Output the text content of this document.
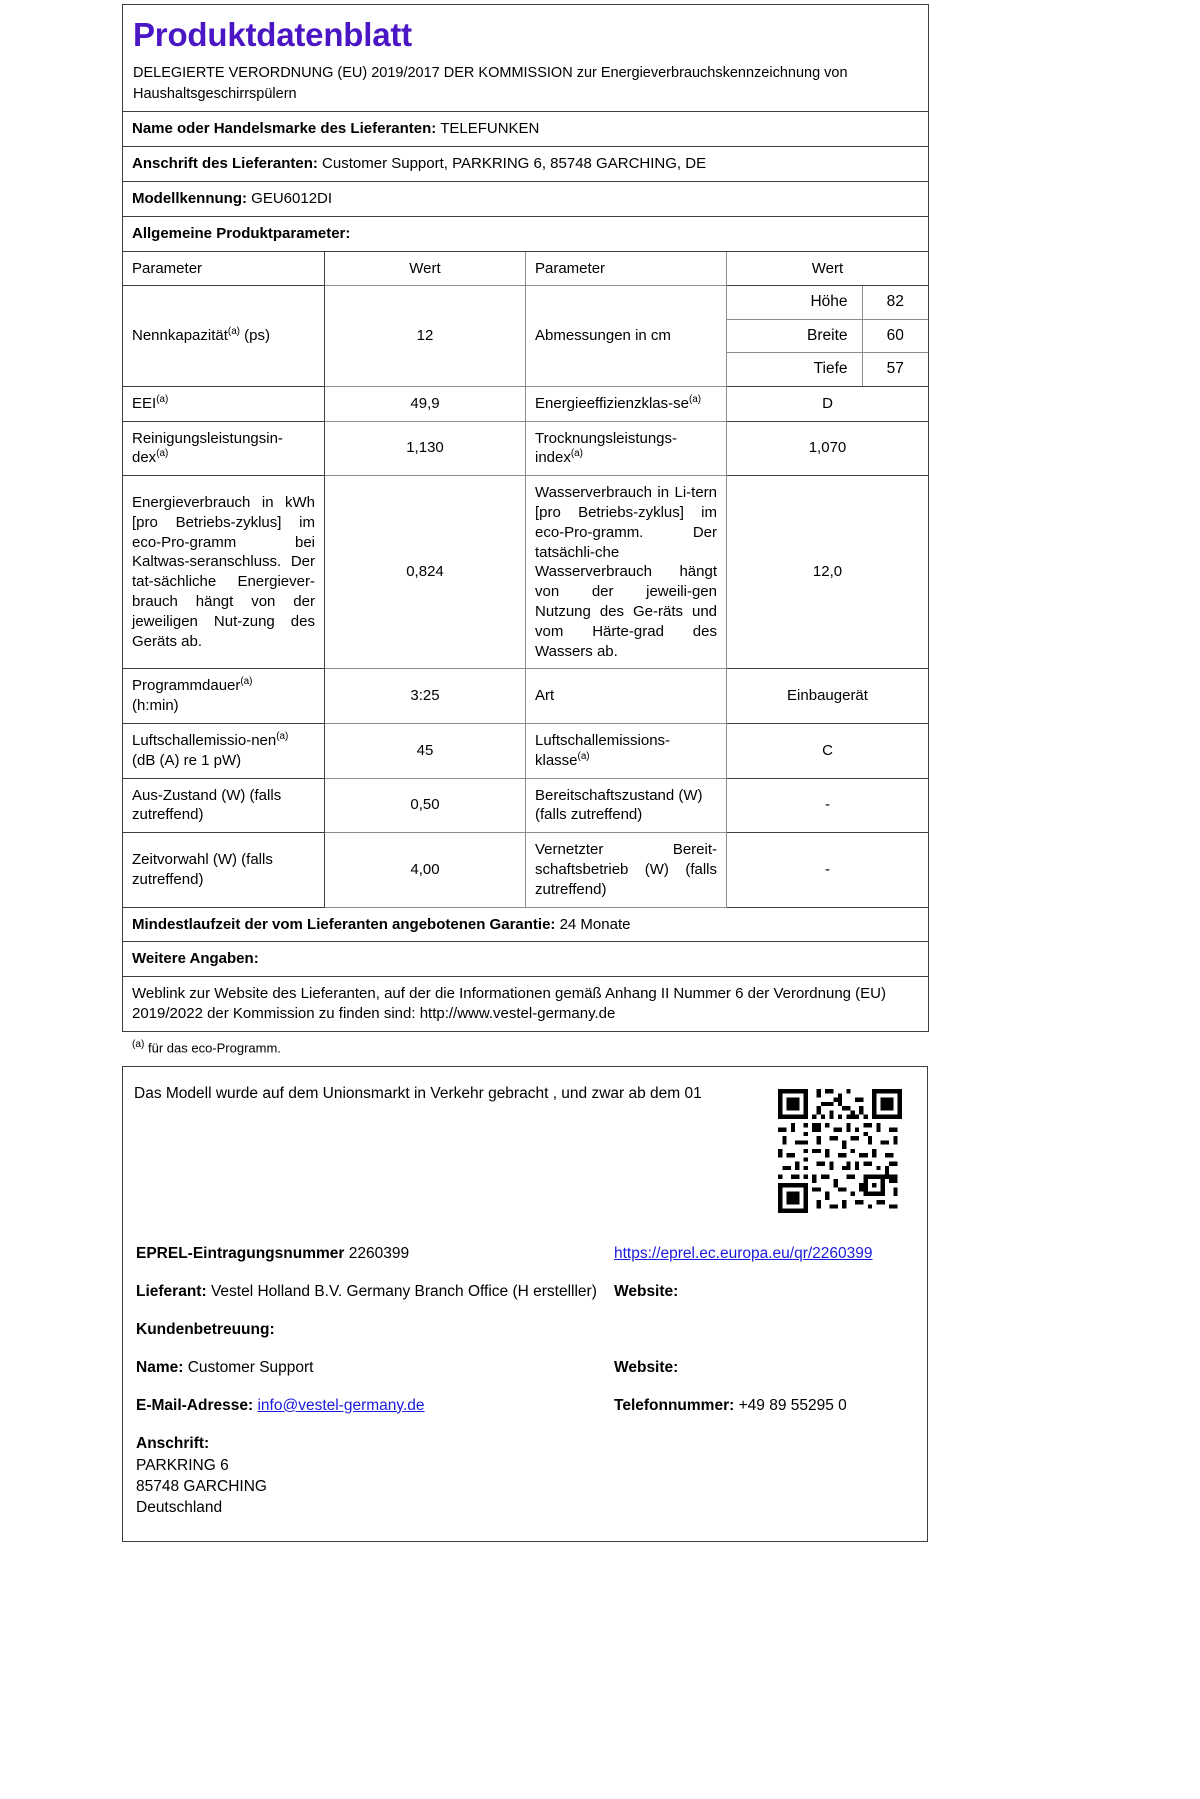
Produktdatenblatt
DELEGIERTE VERORDNUNG (EU) 2019/2017 DER KOMMISSION zur Energieverbrauchskennzeichnung von Haushaltsgeschirrspülern

Name oder Handelsmarke des Lieferanten: TELEFUNKEN
Anschrift des Lieferanten: Customer Support, PARKRING 6, 85748 GARCHING, DE
Modellkennung: GEU6012DI
Allgemeine Produktparameter:
Parameter	Wert	Parameter	Wert
Nennkapazität$^{(a)}$ (ps)	12	Abmessungen in cm	
Höhe	82
Breite	60
Tiefe	57

EEI$^{(a)}$	49,9	Energieeffizienzklas-se$^{(a)}$	D
Reinigungsleistungsin-dex$^{(a)}$	1,130	Trocknungsleistungs-index$^{(a)}$	1,070
Energieverbrauch in kWh [pro Betriebs-zyklus] im eco-Pro-gramm bei Kaltwas-seranschluss. Der tat-sächliche Energiever-brauch hängt von der jeweiligen Nut-zung des Geräts ab.	0,824	Wasserverbrauch in Li-tern [pro Betriebs-zyklus] im eco-Pro-gramm. Der tatsächli-che Wasserverbrauch hängt von der jeweili-gen Nutzung des Ge-räts und vom Härte-grad des Wassers ab.	12,0
Programmdauer$^{(a)}$
(h:min)	3:25	Art	Einbaugerät
Luftschallemissio-nen$^{(a)}$ (dB (A) re 1 pW)	45	Luftschallemissions-klasse$^{(a)}$	C
Aus-Zustand (W) (falls zutreffend)	0,50	Bereitschaftszustand (W) (falls zutreffend)	-
Zeitvorwahl (W) (falls zutreffend)	4,00	Vernetzter Bereit-schaftsbetrieb (W) (falls zutreffend)	-
Mindestlaufzeit der vom Lieferanten angebotenen Garantie: 24 Monate
Weitere Angaben:
Weblink zur Website des Lieferanten, auf der die Informationen gemäß Anhang II Nummer 6 der Verordnung (EU) 2019/2022 der Kommission zu finden sind: http://www.vestel-germany.de
$^{(a)}$ für das eco-Programm.
Das Modell wurde auf dem Unionsmarkt in Verkehr gebracht , und zwar ab dem 01
EPREL-Eintragungsnummer 2260399	https://eprel.ec.europa.eu/qr/2260399
Lieferant: Vestel Holland B.V. Germany Branch Office (H erstelller)	Website:
Kundenbetreuung:
Name: Customer Support	Website:
E-Mail-Adresse: info@vestel-germany.de	Telefonnummer: +49 89 55295 0
Anschrift:
PARKRING 6
85748 GARCHING
Deutschland
